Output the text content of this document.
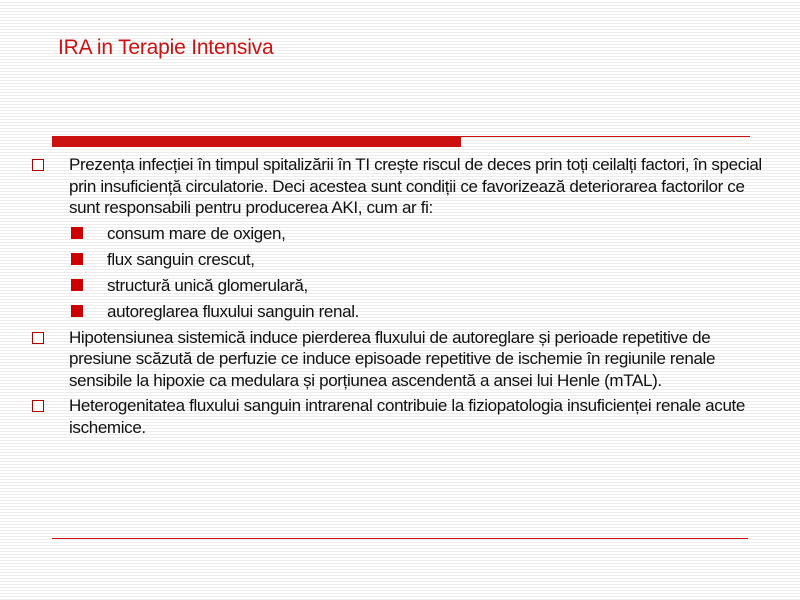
IRA in Terapie Intensiva
Prezența infecției în timpul spitalizării în TI crește riscul de deces prin toți ceilalți factori, în special prin insuficiență circulatorie. Deci acestea sunt condiții ce favorizează deteriorarea factorilor ce sunt responsabili pentru producerea AKI, cum ar fi:
consum mare de oxigen,
flux sanguin crescut,
structură unică glomerulară,
autoreglarea fluxului sanguin renal.
Hipotensiunea sistemică induce pierderea fluxului de autoreglare și perioade repetitive de presiune scăzută de perfuzie ce induce episoade repetitive de ischemie în regiunile renale sensibile la hipoxie ca medulara și porțiunea ascendentă a ansei lui Henle (mTAL).
Heterogenitatea fluxului sanguin intrarenal contribuie la fiziopatologia insuficienței renale acute ischemice.
